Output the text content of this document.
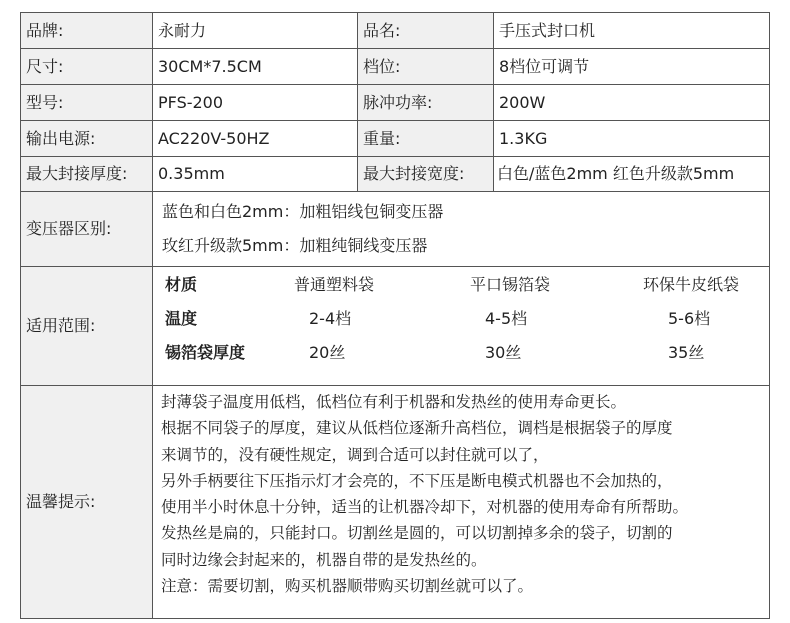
品牌:	永耐力	品名:	手压式封口机
尺寸:	30CM*7.5CM	档位:	8档位可调节
型号:	PFS-200	脉冲功率:	200W
输出电源:	AC220V-50HZ	重量:	1.3KG
最大封接厚度:	0.35mm	最大封接宽度:	白色/蓝色2mm 红色升级款5mm
变压器区别:
蓝色和白色2mm：加粗铝线包铜变压器
玫红升级款5mm：加粗纯铜线变压器
适用范围:
材质	普通塑料袋	平口锡箔袋	环保牛皮纸袋
温度	2-4档	4-5档	5-6档
锡箔袋厚度	20丝	30丝	35丝
温馨提示:
封薄袋子温度用低档，低档位有利于机器和发热丝的使用寿命更长。
根据不同袋子的厚度，建议从低档位逐渐升高档位，调档是根据袋子的厚度
来调节的，没有硬性规定，调到合适可以封住就可以了，
另外手柄要往下压指示灯才会亮的，不下压是断电模式机器也不会加热的，
使用半小时休息十分钟，适当的让机器冷却下，对机器的使用寿命有所帮助。
发热丝是扁的，只能封口。切割丝是圆的，可以切割掉多余的袋子，切割的
同时边缘会封起来的，机器自带的是发热丝的。
注意：需要切割，购买机器顺带购买切割丝就可以了。
